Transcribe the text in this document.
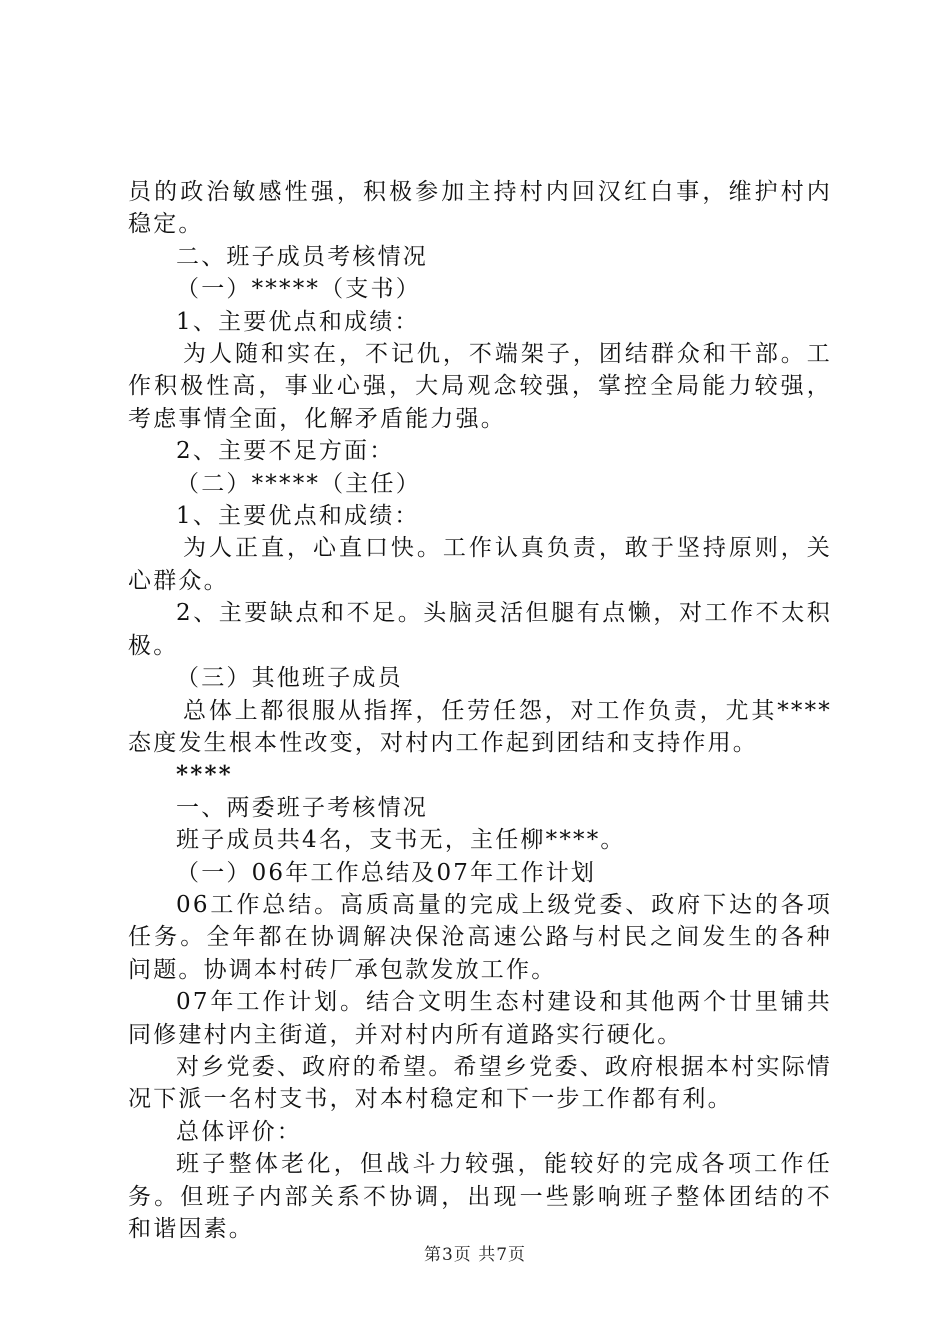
员的政治敏感性强，积极参加主持村内回汉红白事，维护村内稳定。

二、班子成员考核情况

（一）*****（支书）

1、主要优点和成绩：

为人随和实在，不记仇，不端架子，团结群众和干部。工作积极性高，事业心强，大局观念较强，掌控全局能力较强，考虑事情全面，化解矛盾能力强。

2、主要不足方面：

（二）*****（主任）

1、主要优点和成绩：

为人正直，心直口快。工作认真负责，敢于坚持原则，关心群众。

2、主要缺点和不足。头脑灵活但腿有点懒，对工作不太积极。

（三）其他班子成员

总体上都很服从指挥，任劳任怨，对工作负责，尤其****态度发生根本性改变，对村内工作起到团结和支持作用。

****

一、两委班子考核情况

班子成员共4名，支书无，主任柳****。

（一）06年工作总结及07年工作计划

06工作总结。高质高量的完成上级党委、政府下达的各项任务。全年都在协调解决保沧高速公路与村民之间发生的各种问题。协调本村砖厂承包款发放工作。

07年工作计划。结合文明生态村建设和其他两个廿里铺共同修建村内主街道，并对村内所有道路实行硬化。

对乡党委、政府的希望。希望乡党委、政府根据本村实际情况下派一名村支书，对本村稳定和下一步工作都有利。

总体评价：

班子整体老化，但战斗力较强，能较好的完成各项工作任务。但班子内部关系不协调，出现一些影响班子整体团结的不和谐因素。

第3页 共7页
